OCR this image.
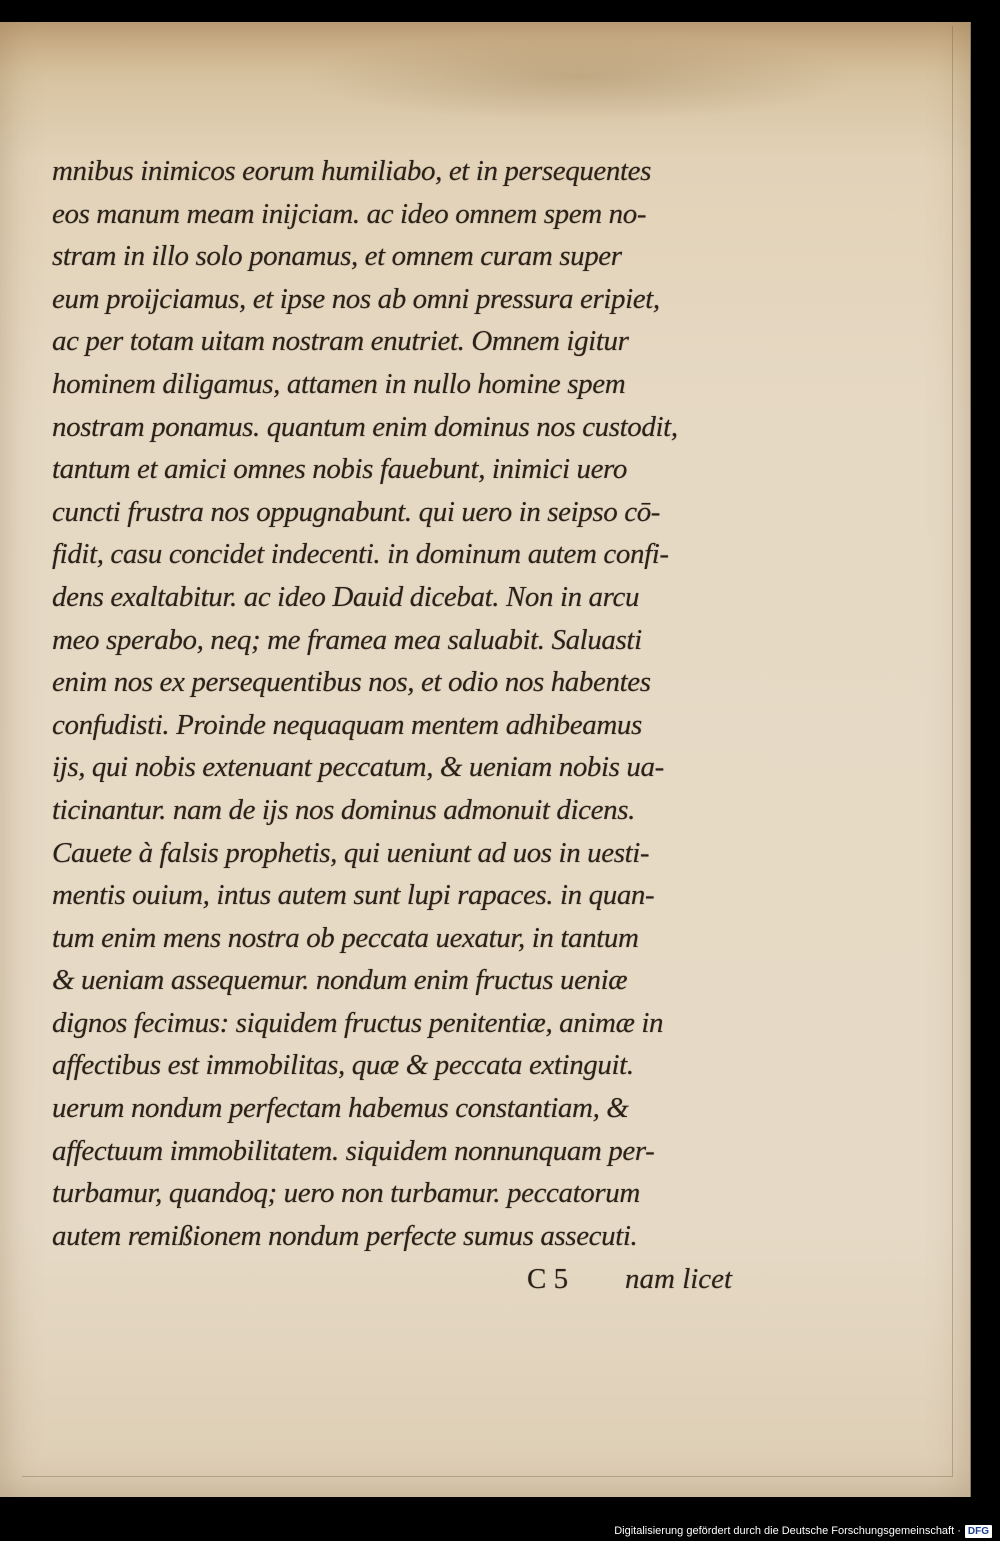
mnibus inimicos eorum humiliabo, et in persequentes
eos manum meam inijciam. ac ideo omnem spem no-
stram in illo solo ponamus, et omnem curam super
eum proijciamus, et ipse nos ab omni pressura eripiet,
ac per totam uitam nostram enutriet. Omnem igitur
hominem diligamus, attamen in nullo homine spem
nostram ponamus. quantum enim dominus nos custodit,
tantum et amici omnes nobis fauebunt, inimici uero
cuncti frustra nos oppugnabunt. qui uero in seipso cō-
fidit, casu concidet indecenti. in dominum autem confi-
dens exaltabitur. ac ideo Dauid dicebat. Non in arcu
meo sperabo, neq; me framea mea saluabit. Saluasti
enim nos ex persequentibus nos, et odio nos habentes
confudisti. Proinde nequaquam mentem adhibeamus
ijs, qui nobis extenuant peccatum, & ueniam nobis ua-
ticinantur. nam de ijs nos dominus admonuit dicens.
Cauete à falsis prophetis, qui ueniunt ad uos in uesti-
mentis ouium, intus autem sunt lupi rapaces. in quan-
tum enim mens nostra ob peccata uexatur, in tantum
& ueniam assequemur. nondum enim fructus ueniæ
dignos fecimus: siquidem fructus penitentiæ, animæ in
affectibus est immobilitas, quæ & peccata extinguit.
uerum nondum perfectam habemus constantiam, &
affectuum immobilitatem. siquidem nonnunquam per-
turbamur, quandoq; uero non turbamur. peccatorum
autem remißionem nondum perfecte sumus assecuti.
C 5 nam licet
Digitalisierung gefördert durch die Deutsche Forschungsgemeinschaft · DFG
